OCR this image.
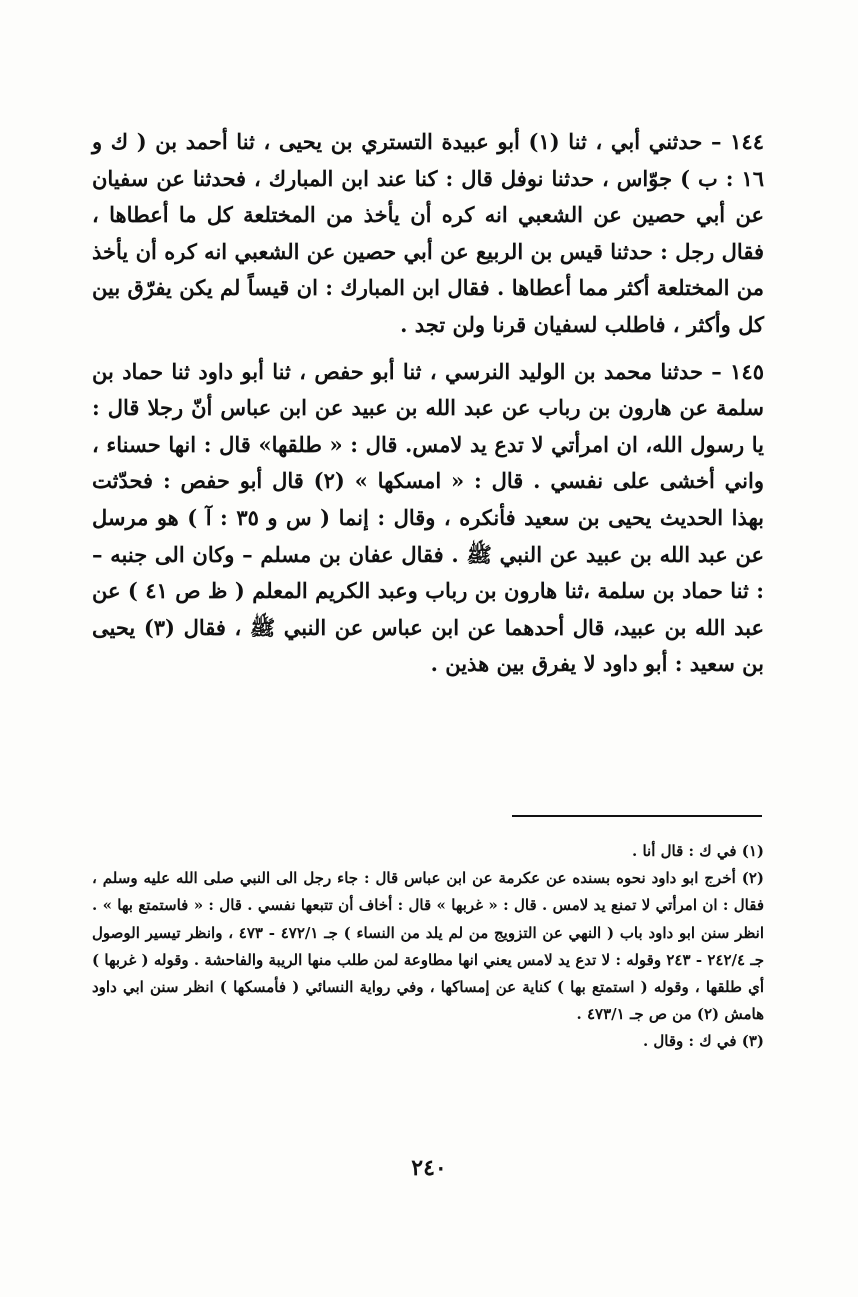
١٤٤ – حدثني أبي ، ثنا (١) أبو عبيدة التستري بن يحيى ، ثنا أحمد بن ( ك و ١٦ : ب ) جوّاس ، حدثنا نوفل قال : كنا عند ابن المبارك ، فحدثنا عن سفيان عن أبي حصين عن الشعبي انه كره أن يأخذ من المختلعة كل ما أعطاها ، فقال رجل : حدثنا قيس بن الربيع عن أبي حصين عن الشعبي انه كره أن يأخذ من المختلعة أكثر مما أعطاها . فقال ابن المبارك : ان قيساً لم يكن يفرّق بين كل وأكثر ، فاطلب لسفيان قرنا ولن تجد .

١٤٥ – حدثنا محمد بن الوليد النرسي ، ثنا أبو حفص ، ثنا أبو داود ثنا حماد بن سلمة عن هارون بن رباب عن عبد الله بن عبيد عن ابن عباس أنّ رجلا قال : يا رسول الله، ان امرأتي لا تدع يد لامس. قال : « طلقها» قال : انها حسناء ، واني أخشى على نفسي . قال : « امسكها » (٢) قال أبو حفص : فحدّثت بهذا الحديث يحيى بن سعيد فأنكره ، وقال : إنما ( س و ٣٥ : آ ) هو مرسل عن عبد الله بن عبيد عن النبي ﷺ . فقال عفان بن مسلم – وكان الى جنبه – : ثنا حماد بن سلمة ،ثنا هارون بن رباب وعبد الكريم المعلم ( ظ ص ٤١ ) عن عبد الله بن عبيد، قال أحدهما عن ابن عباس عن النبي ﷺ ، فقال (٣) يحيى بن سعيد : أبو داود لا يفرق بين هذين .

(١) في ك : قال أنا .

(٢) أخرج ابو داود نحوه بسنده عن عكرمة عن ابن عباس قال : جاء رجل الى النبي صلى الله عليه وسلم ، فقال : ان امرأتي لا تمنع يد لامس . قال : « غربها » قال : أخاف أن تتبعها نفسي . قال : « فاستمتع بها » . انظر سنن ابو داود باب ( النهي عن التزويج من لم يلد من النساء ) جـ ٤٧٢/١ - ٤٧٣ ، وانظر تيسير الوصول جـ ٢٤٢/٤ - ٢٤٣ وقوله : لا تدع يد لامس يعني انها مطاوعة لمن طلب منها الريبة والفاحشة . وقوله ( غربها ) أي طلقها ، وقوله ( استمتع بها ) كناية عن إمساكها ، وفي رواية النسائي ( فأمسكها ) انظر سنن ابي داود هامش (٢) من ص جـ ٤٧٣/١ .

(٣) في ك : وقال .

٢٤٠
